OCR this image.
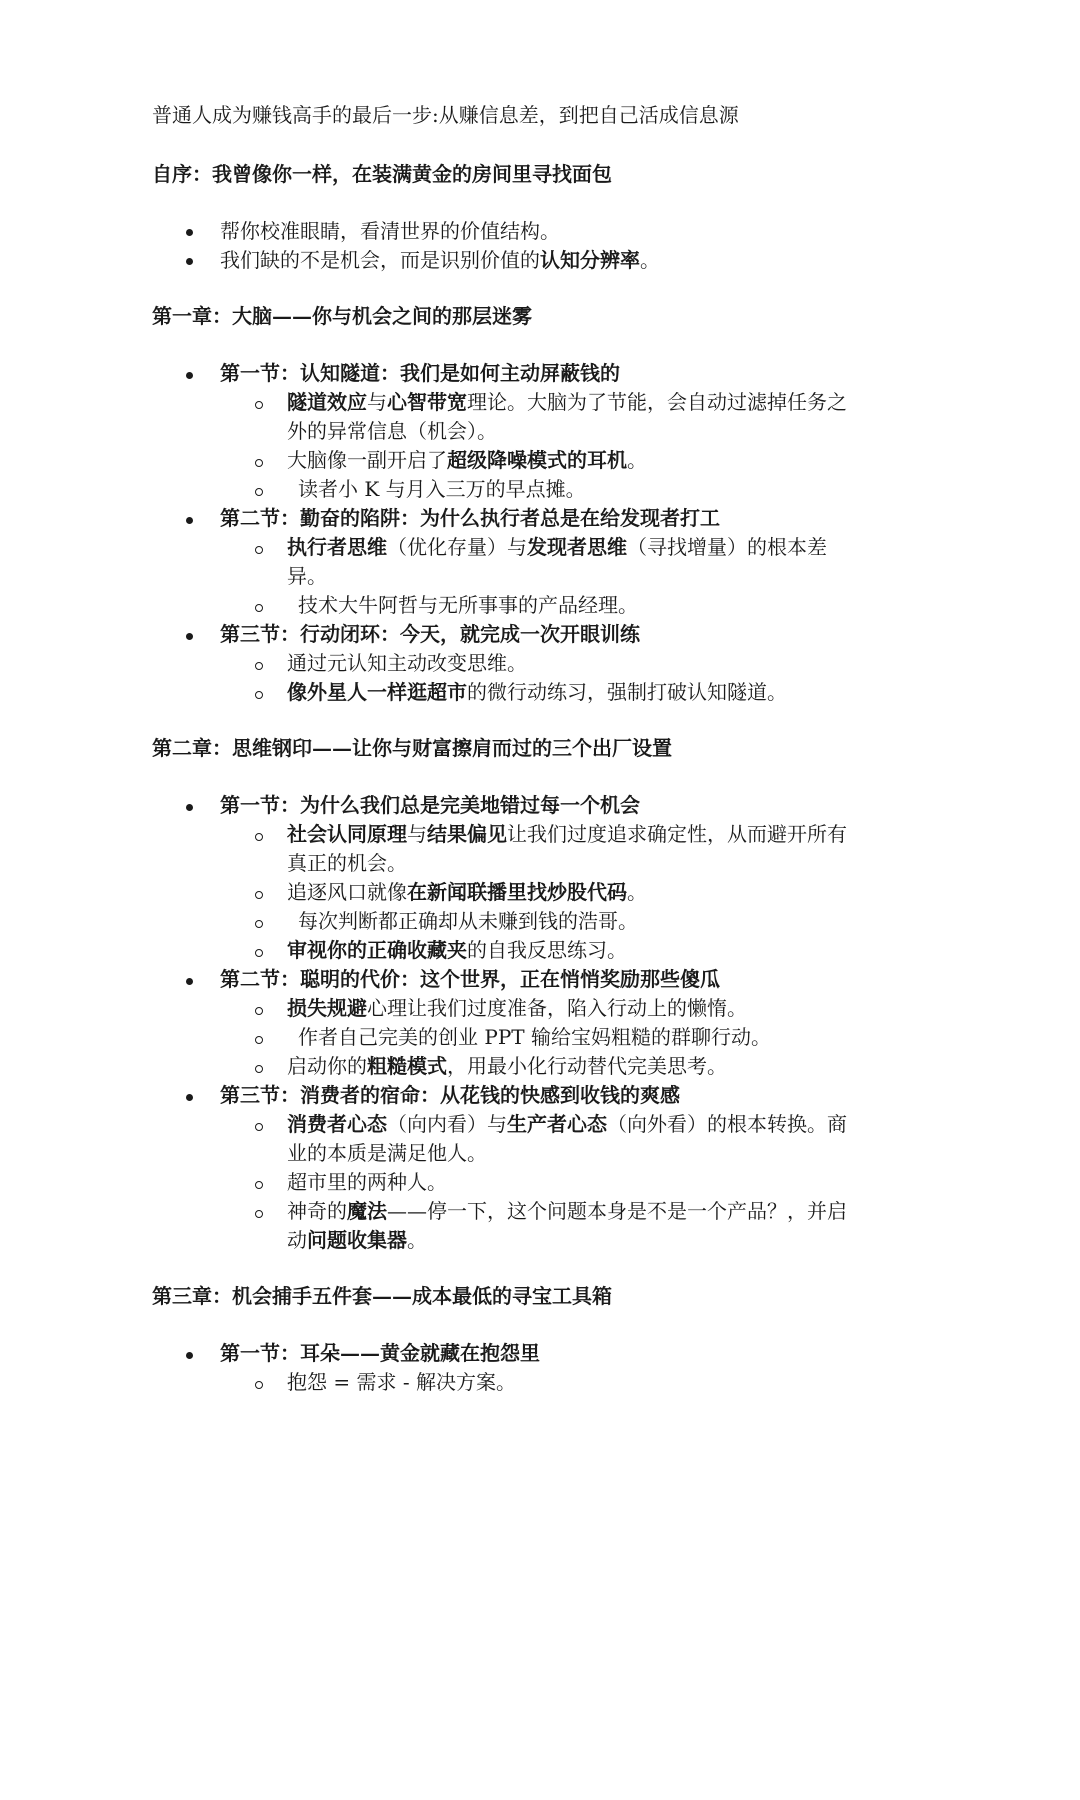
普通人成为赚钱高手的最后一步:从赚信息差，到把自己活成信息源
自序：我曾像你一样，在装满黄金的房间里寻找面包
帮你校准眼睛，看清世界的价值结构。
我们缺的不是机会，而是识别价值的认知分辨率。
第一章：大脑——你与机会之间的那层迷雾
第一节：认知隧道：我们是如何主动屏蔽钱的
隧道效应与心智带宽理论。大脑为了节能，会自动过滤掉任务之
外的异常信息（机会）。
大脑像一副开启了超级降噪模式的耳机。
读者小 K 与月入三万的早点摊。
第二节：勤奋的陷阱：为什么执行者总是在给发现者打工
执行者思维（优化存量）与发现者思维（寻找增量）的根本差
异。
技术大牛阿哲与无所事事的产品经理。
第三节：行动闭环：今天，就完成一次开眼训练
通过元认知主动改变思维。
像外星人一样逛超市的微行动练习，强制打破认知隧道。
第二章：思维钢印——让你与财富擦肩而过的三个出厂设置
第一节：为什么我们总是完美地错过每一个机会
社会认同原理与结果偏见让我们过度追求确定性，从而避开所有
真正的机会。
追逐风口就像在新闻联播里找炒股代码。
每次判断都正确却从未赚到钱的浩哥。
审视你的正确收藏夹的自我反思练习。
第二节：聪明的代价：这个世界，正在悄悄奖励那些傻瓜
损失规避心理让我们过度准备，陷入行动上的懒惰。
作者自己完美的创业 PPT 输给宝妈粗糙的群聊行动。
启动你的粗糙模式，用最小化行动替代完美思考。
第三节：消费者的宿命：从花钱的快感到收钱的爽感
消费者心态（向内看）与生产者心态（向外看）的根本转换。商
业的本质是满足他人。
超市里的两种人。
神奇的魔法——停一下，这个问题本身是不是一个产品？，并启
动问题收集器。
第三章：机会捕手五件套——成本最低的寻宝工具箱
第一节：耳朵——黄金就藏在抱怨里
抱怨 = 需求 - 解决方案。
